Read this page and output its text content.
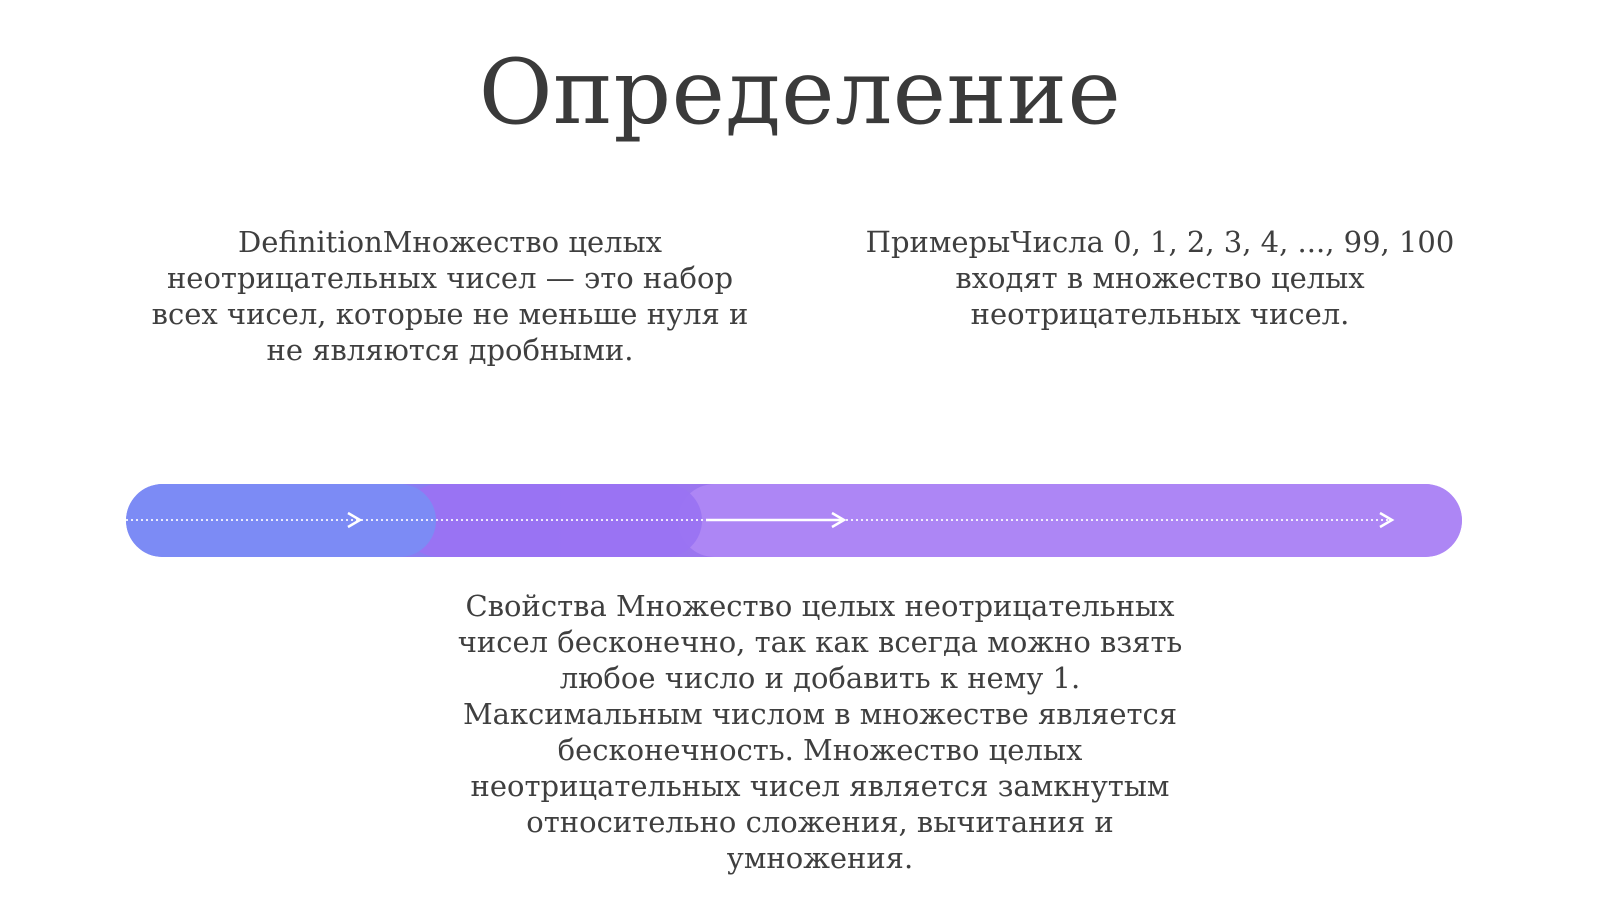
Определение
DefinitionМножество целых неотрицательных чисел — это набор всех чисел, которые не меньше нуля и не являются дробными.
ПримерыЧисла 0, 1, 2, 3, 4, ..., 99, 100 входят в множество целых неотрицательных чисел.
Свойства Множество целых неотрицательных чисел бесконечно, так как всегда можно взять любое число и добавить к нему 1. Максимальным числом в множестве является бесконечность. Множество целых неотрицательных чисел является замкнутым относительно сложения, вычитания и умножения.
